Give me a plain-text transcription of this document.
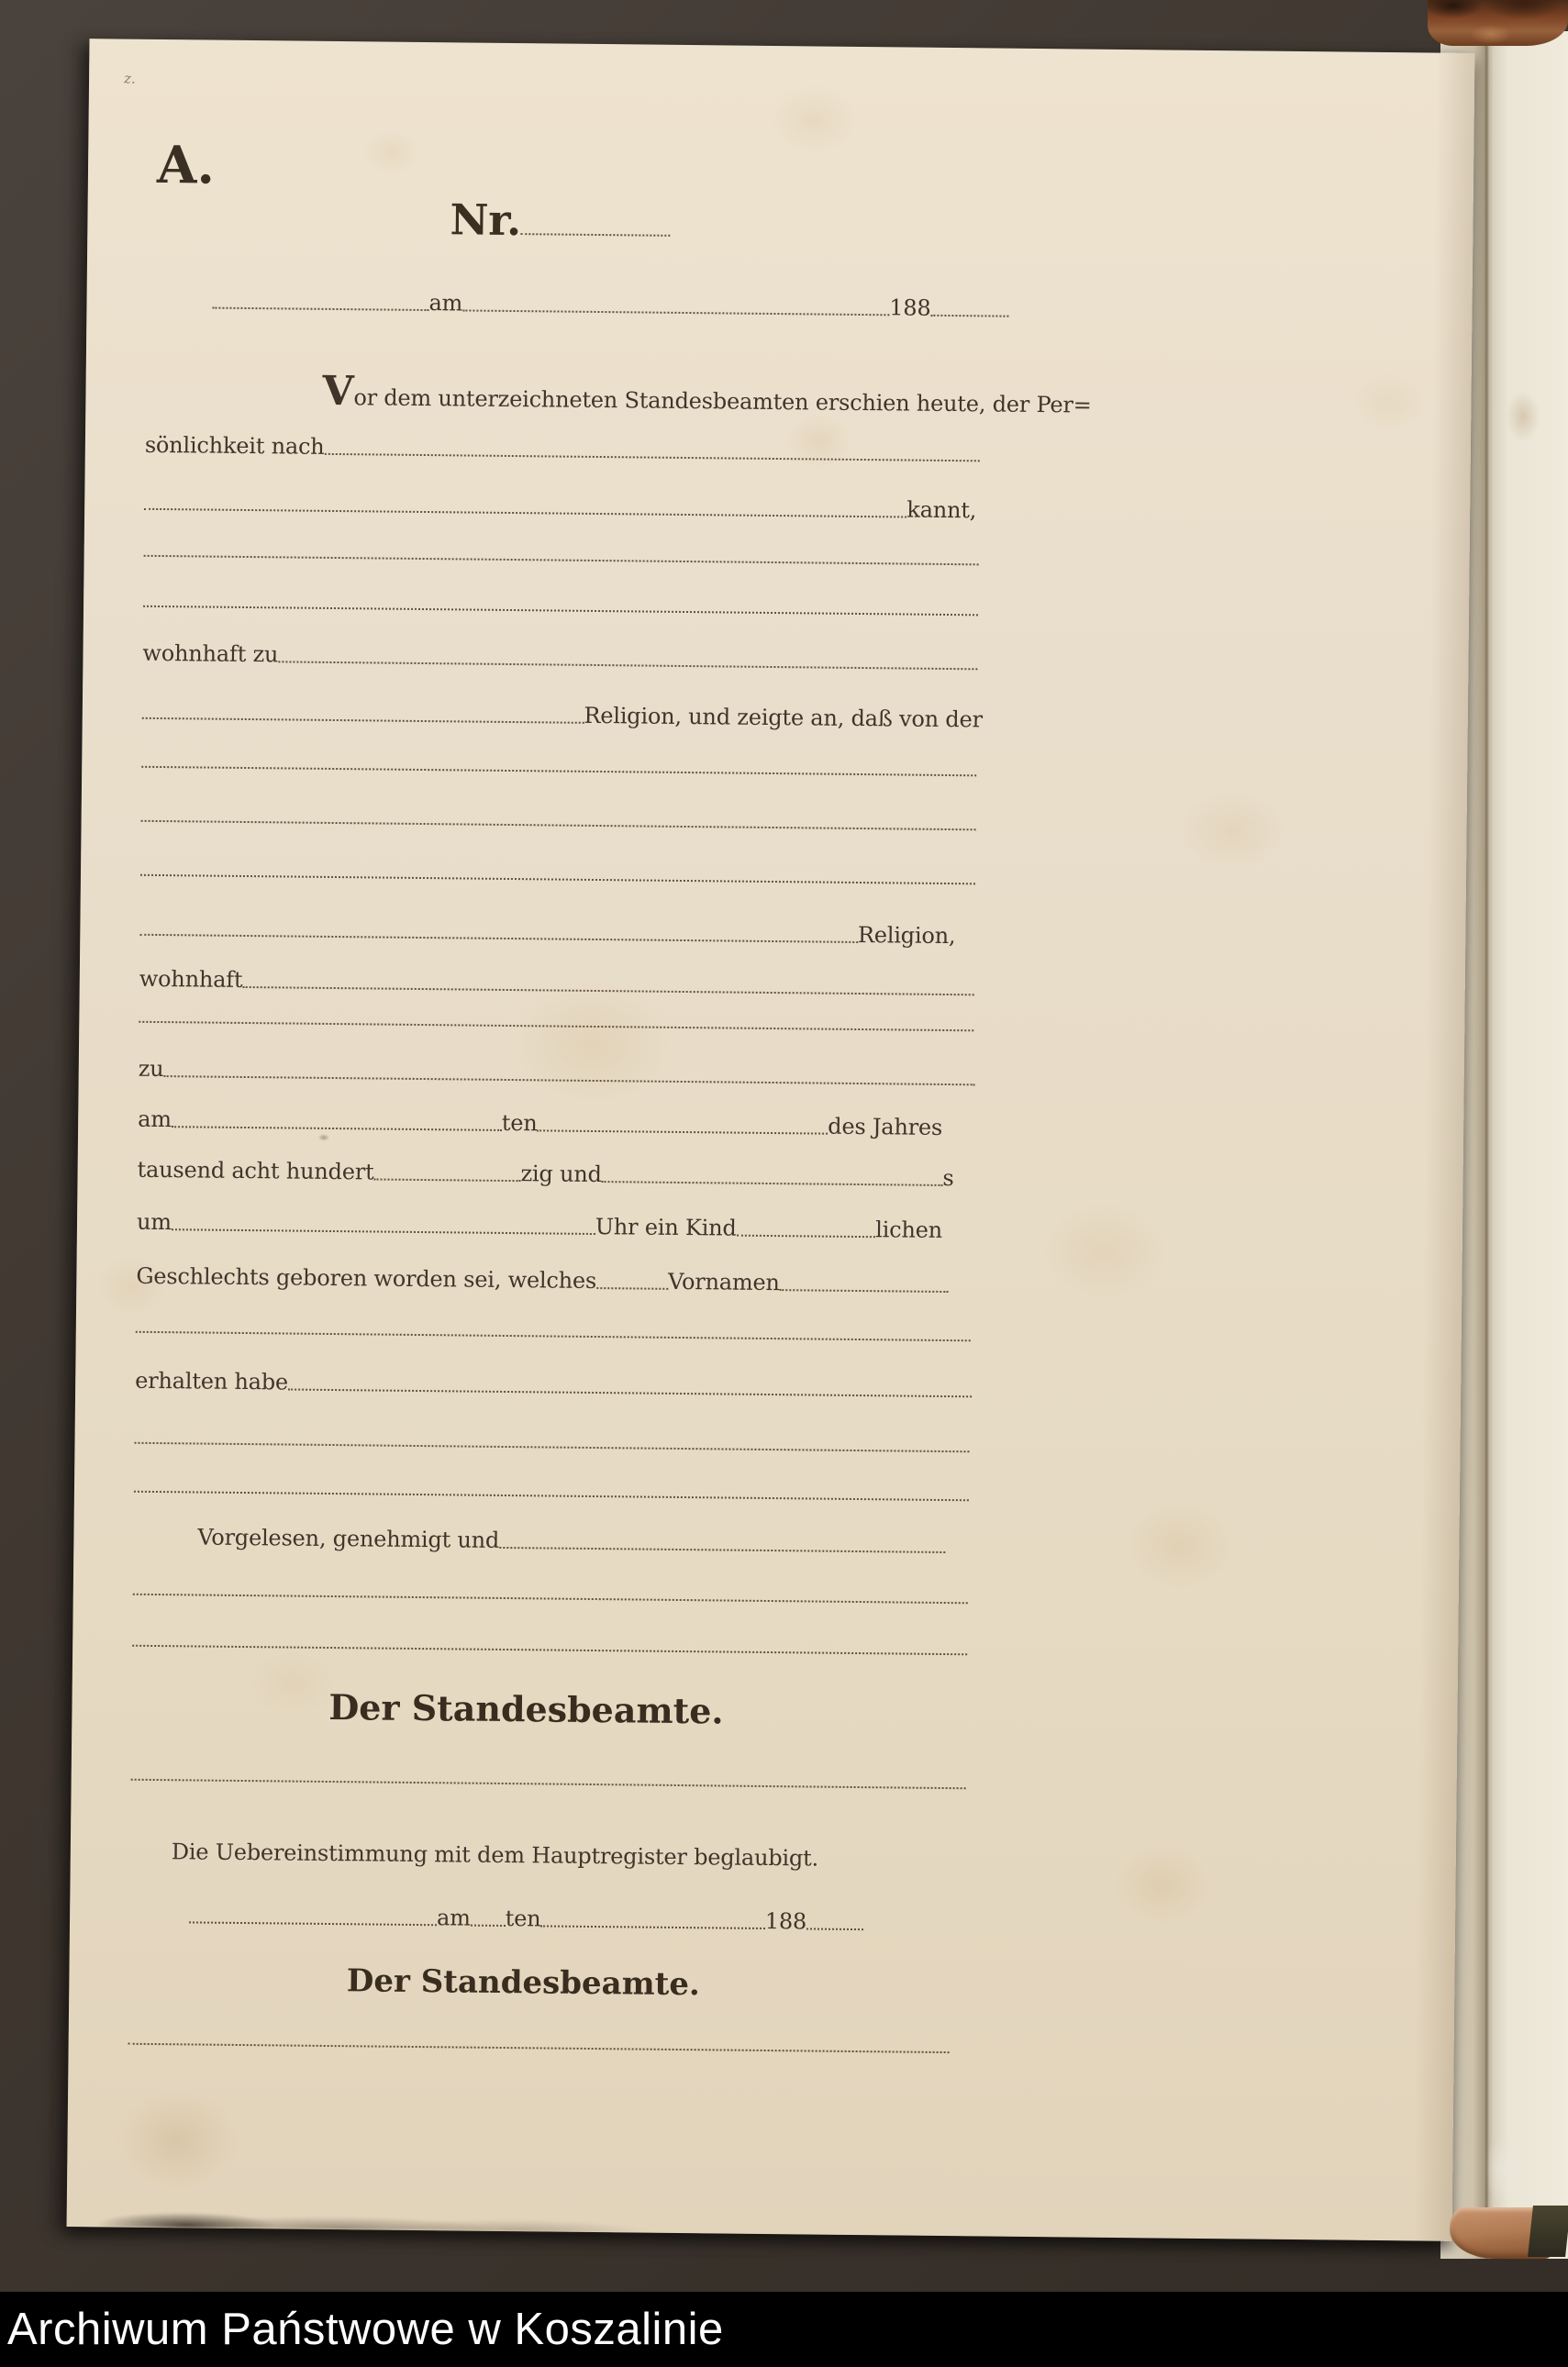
z.
A.
Nr.
am	188
V or dem unterzeichneten Standesbeamten erschien heute, der Per=
sönlichkeit nach
kannt,
wohnhaft zu
Religion, und zeigte an, daß von der
Religion,
wohnhaft
zu
am	ten	des Jahres
tausend acht hundert	zig und	s
um	Uhr ein Kind	lichen
Geschlechts geboren worden sei, welches	Vornamen
erhalten habe
Vorgelesen, genehmigt und
Der Standesbeamte.
Die Uebereinstimmung mit dem Hauptregister beglaubigt.
am ten	188
Der Standesbeamte.
Archiwum Państwowe w Koszalinie
